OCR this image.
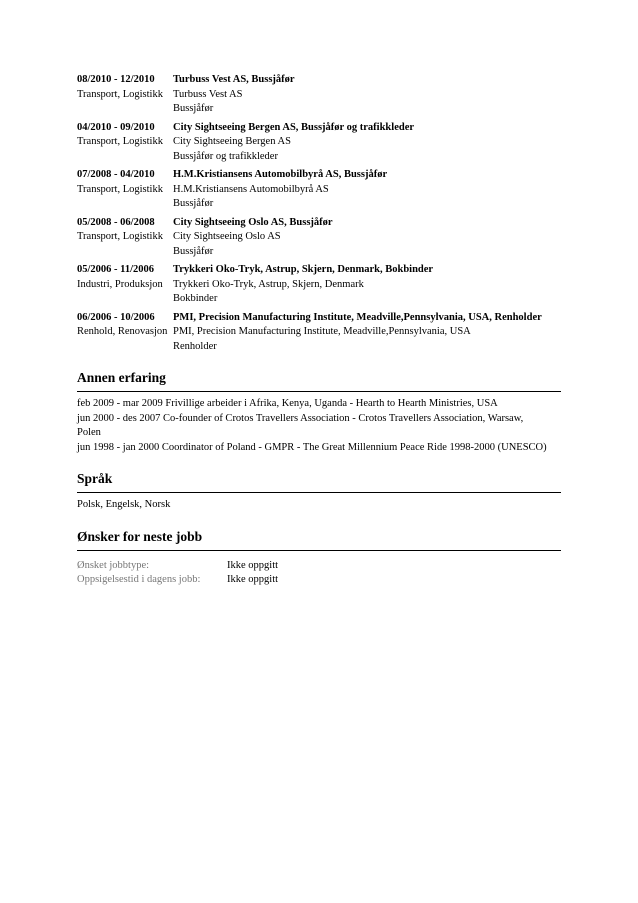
08/2010 - 12/2010
Transport, Logistikk
Turbuss Vest AS, Bussjåfør
Turbuss Vest AS
Bussjåfør
04/2010 - 09/2010
Transport, Logistikk
City Sightseeing Bergen AS, Bussjåfør og trafikkleder
City Sightseeing Bergen AS
Bussjåfør og trafikkleder
07/2008 - 04/2010
Transport, Logistikk
H.M.Kristiansens Automobilbyrå AS, Bussjåfør
H.M.Kristiansens Automobilbyrå AS
Bussjåfør
05/2008 - 06/2008
Transport, Logistikk
City Sightseeing Oslo AS, Bussjåfør
City Sightseeing Oslo AS
Bussjåfør
05/2006 - 11/2006
Industri, Produksjon
Trykkeri Oko-Tryk, Astrup, Skjern, Denmark, Bokbinder
Trykkeri Oko-Tryk, Astrup, Skjern, Denmark
Bokbinder
06/2006 - 10/2006
Renhold, Renovasjon
PMI, Precision Manufacturing Institute, Meadville,Pennsylvania, USA, Renholder
PMI, Precision Manufacturing Institute, Meadville,Pennsylvania, USA
Renholder
Annen erfaring
feb 2009 - mar 2009 Frivillige arbeider i Afrika, Kenya, Uganda - Hearth to Hearth Ministries, USA
jun 2000 - des 2007 Co-founder of Crotos Travellers Association - Crotos Travellers Association, Warsaw,
Polen
jun 1998 - jan 2000 Coordinator of Poland - GMPR - The Great Millennium Peace Ride 1998-2000 (UNESCO)
Språk
Polsk, Engelsk, Norsk
Ønsker for neste jobb
Ønsket jobbtype:	Ikke oppgitt
Oppsigelsestid i dagens jobb:	Ikke oppgitt
